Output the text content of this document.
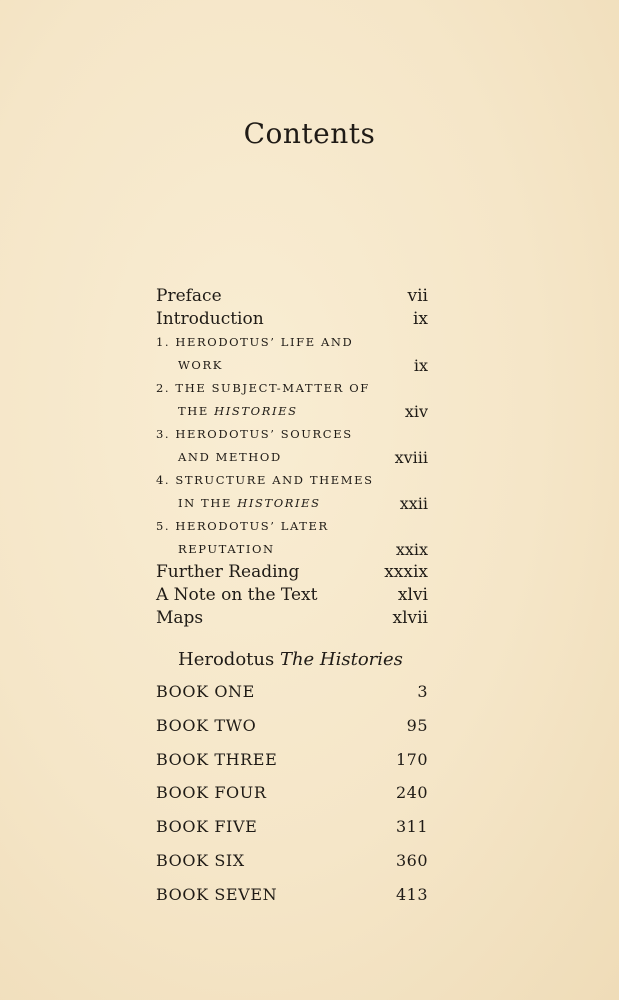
Contents
Preface	vii
Introduction	ix
1. HERODOTUS’ LIFE AND
WORK	ix
2. THE SUBJECT-MATTER OF
THE HISTORIES	xiv
3. HERODOTUS’ SOURCES
AND METHOD	xviii
4. STRUCTURE AND THEMES
IN THE HISTORIES	xxii
5. HERODOTUS’ LATER
REPUTATION	xxix
Further Reading	xxxix
A Note on the Text	xlvi
Maps	xlvii
Herodotus The Histories
BOOK ONE	3
BOOK TWO	95
BOOK THREE	170
BOOK FOUR	240
BOOK FIVE	311
BOOK SIX	360
BOOK SEVEN	413
